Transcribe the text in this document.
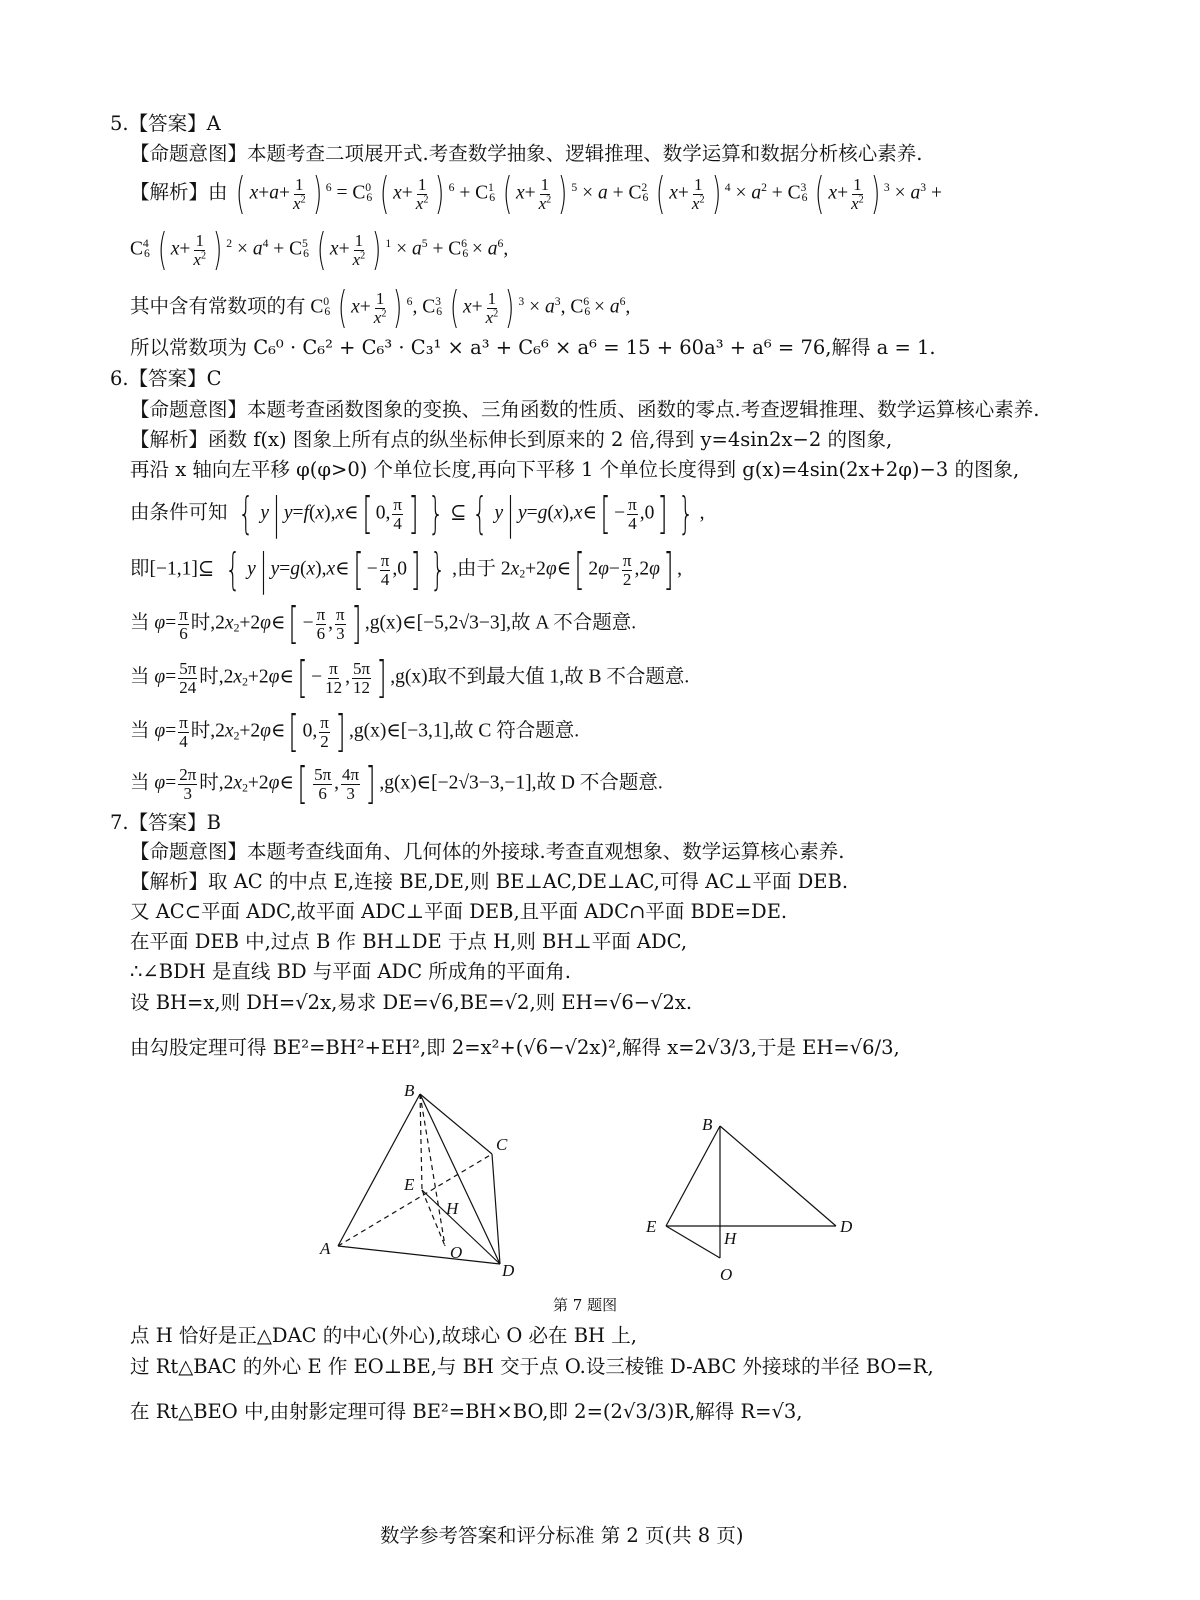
5.【答案】A
【命题意图】本题考查二项展开式.考查数学抽象、逻辑推理、数学运算和数据分析核心素养.
【解析】由 ( $x+a+ \frac{1}{x^2}$ ) $^6 = C6^0$ ( $x+ \frac{1}{x^2}$ ) $^6 + C6^1$ ( $x+ \frac{1}{x^2}$ ) $^5 \times a + C6^2$ ( $x+ \frac{1}{x^2}$ ) $^4 \times a^2 + C6^3$ ( $x+ \frac{1}{x^2}$ ) $^3 \times a^3$ +
$C6^4$ ( $x+ \frac{1}{x^2}$ ) $^2 \times a^4 + C6^5$ ( $x+ \frac{1}{x^2}$ ) $^1 \times a^5 + C6^6 \times a^6$,
其中含有常数项的有 $C6^0$ ( $x+ \frac{1}{x^2}$ ) $^6$, $C6^3$ ( $x+ \frac{1}{x^2}$ ) $^3 \times a^3$, $C6^6 \times a^6$,
所以常数项为 C₆⁰ · C₆² + C₆³ · C₃¹ × a³ + C₆⁶ × a⁶ = 15 + 60a³ + a⁶ = 76,解得 a = 1.
6.【答案】C
【命题意图】本题考查函数图象的变换、三角函数的性质、函数的零点.考查逻辑推理、数学运算核心素养.
【解析】函数 f(x) 图象上所有点的纵坐标伸长到原来的 2 倍,得到 y=4sin2x−2 的图象,
再沿 x 轴向左平移 φ(φ>0) 个单位长度,再向下平移 1 个单位长度得到 g(x)=4sin(2x+2φ)−3 的图象,
由条件可知 { y| y=f(x),x∈[ 0, $\frac{\pi}{4}$ ] } ⊆ { y| y=g(x),x∈[ − $\frac{\pi}{4} ,0$] } ,
即[−1,1]⊆ { y| y=g(x),x∈[ − $\frac{\pi}{4} ,0$] } ,由于 $2x_2+2\varphi\in$[ $2\varphi- \frac{\pi}{2} ,2\varphi$] ,
当 $\varphi= \frac{\pi}{6}$ 时$,2x_2+2\varphi\in[ - \frac{\pi}{6}$ , $\frac{\pi}{3}$ ] ,g(x)∈[−5,2√3−3],故 A 不合题意.
当 $\varphi= \frac{5\pi}{24}$ 时$,2x_2+2\varphi\in[ - \frac{\pi}{12}$ , $\frac{5\pi}{12}$ ] ,g(x)取不到最大值 1,故 B 不合题意.
当 $\varphi= \frac{\pi}{4}$ 时$,2x_2+2\varphi\in$[ 0, $\frac{\pi}{2}$ ] ,g(x)∈[−3,1],故 C 符合题意.
当 $\varphi= \frac{2\pi}{3}$ 时$,2x_2+2\varphi\in[ \frac{5\pi}{6}$ , $\frac{4\pi}{3}$ ] ,g(x)∈[−2√3−3,−1],故 D 不合题意.
7.【答案】B
【命题意图】本题考查线面角、几何体的外接球.考查直观想象、数学运算核心素养.
【解析】取 AC 的中点 E,连接 BE,DE,则 BE⊥AC,DE⊥AC,可得 AC⊥平面 DEB.
又 AC⊂平面 ADC,故平面 ADC⊥平面 DEB,且平面 ADC∩平面 BDE=DE.
在平面 DEB 中,过点 B 作 BH⊥DE 于点 H,则 BH⊥平面 ADC,
∴∠BDH 是直线 BD 与平面 ADC 所成角的平面角.
设 BH=x,则 DH=√2x,易求 DE=√6,BE=√2,则 EH=√6−√2x.
由勾股定理可得 BE²=BH²+EH²,即 2=x²+(√6−√2x)²,解得 x=2√3/3,于是 EH=√6/3,
B
C
E
H
A	O
D
B
E
H
D
O
第 7 题图
点 H 恰好是正△DAC 的中心(外心),故球心 O 必在 BH 上,
过 Rt△BAC 的外心 E 作 EO⊥BE,与 BH 交于点 O.设三棱锥 D-ABC 外接球的半径 BO=R,
在 Rt△BEO 中,由射影定理可得 BE²=BH×BO,即 2=(2√3/3)R,解得 R=√3,
数学参考答案和评分标准 第 2 页(共 8 页)
